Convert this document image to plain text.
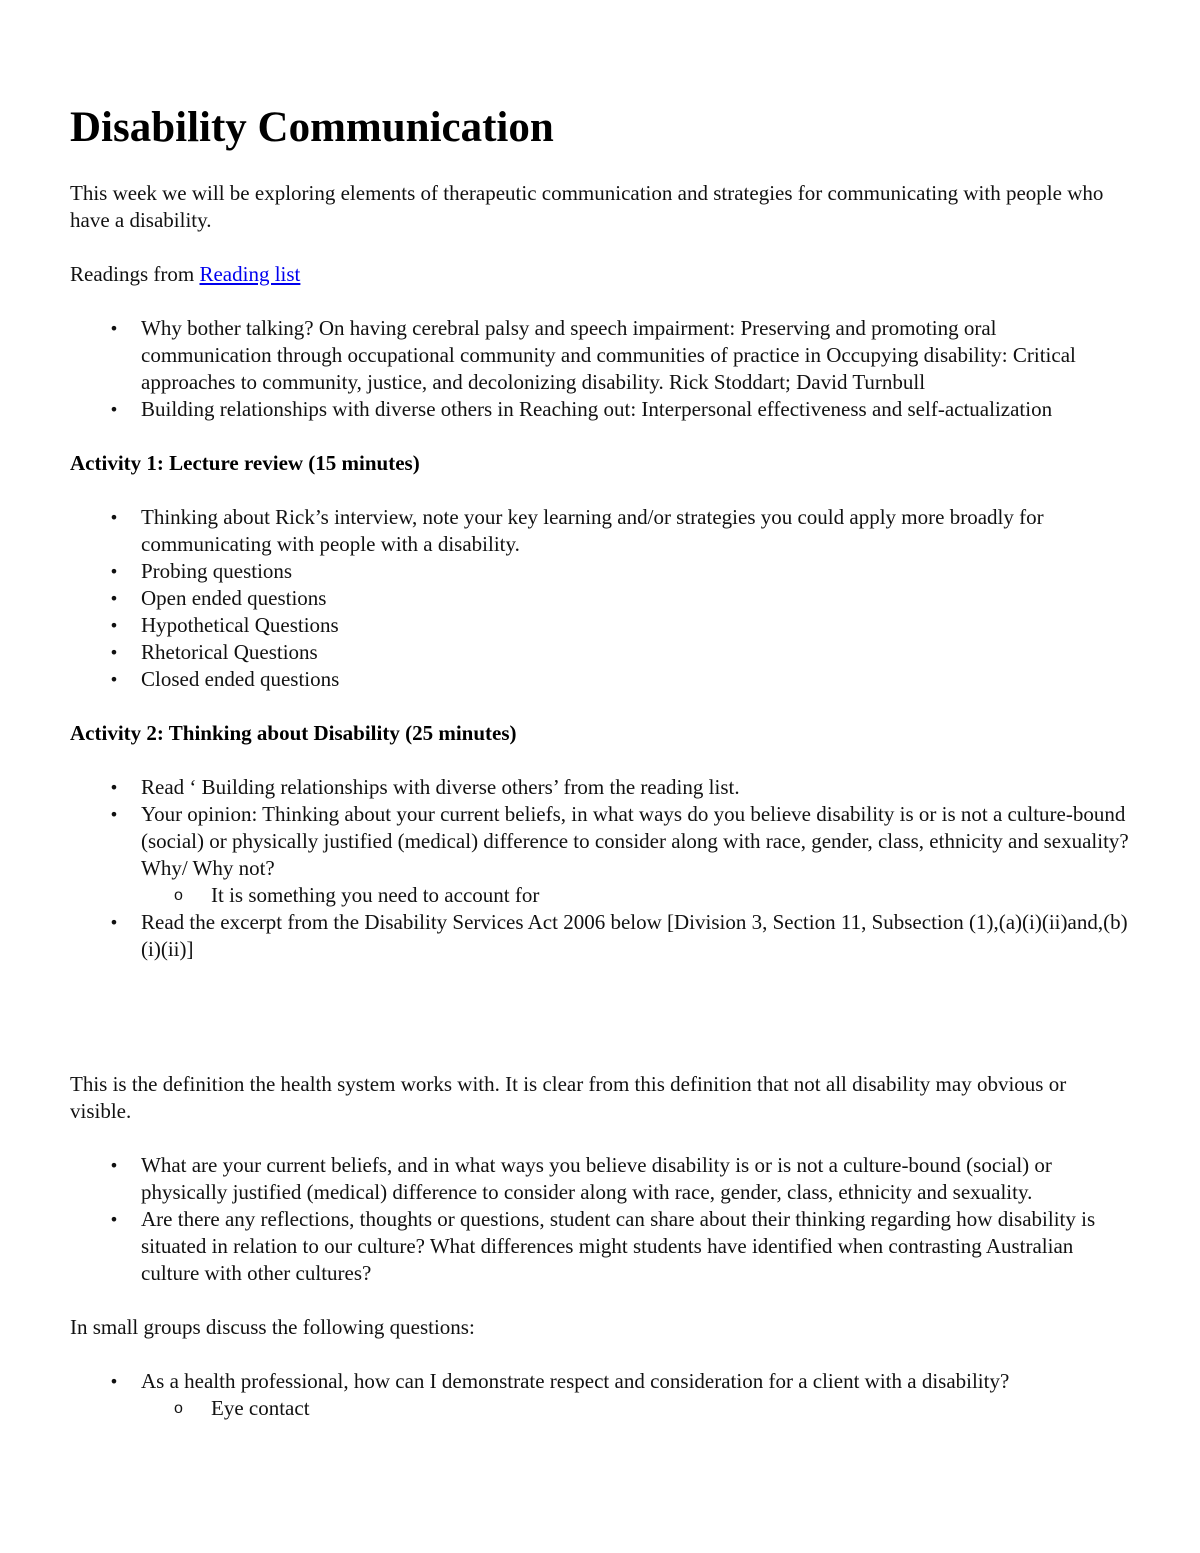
Disability Communication

This week we will be exploring elements of therapeutic communication and strategies for communicating with people who have a disability.

Readings from Reading list

• Why bother talking? On having cerebral palsy and speech impairment: Preserving and promoting oral communication through occupational community and communities of practice in Occupying disability: Critical approaches to community, justice, and decolonizing disability. Rick Stoddart; David Turnbull
• Building relationships with diverse others in Reaching out: Interpersonal effectiveness and self-actualization

Activity 1: Lecture review (15 minutes)

• Thinking about Rick’s interview, note your key learning and/or strategies you could apply more broadly for communicating with people with a disability.
• Probing questions
• Open ended questions
• Hypothetical Questions
• Rhetorical Questions
• Closed ended questions

Activity 2: Thinking about Disability (25 minutes)

• Read ‘ Building relationships with diverse others’ from the reading list.
• Your opinion: Thinking about your current beliefs, in what ways do you believe disability is or is not a culture-bound (social) or physically justified (medical) difference to consider along with race, gender, class, ethnicity and sexuality? Why/ Why not?
o It is something you need to account for
• Read the excerpt from the Disability Services Act 2006 below [Division 3, Section 11, Subsection (1),(a)(i)(ii)and,(b)(i)(ii)]

This is the definition the health system works with. It is clear from this definition that not all disability may obvious or visible.

• What are your current beliefs, and in what ways you believe disability is or is not a culture-bound (social) or physically justified (medical) difference to consider along with race, gender, class, ethnicity and sexuality.
• Are there any reflections, thoughts or questions, student can share about their thinking regarding how disability is situated in relation to our culture? What differences might students have identified when contrasting Australian culture with other cultures?

In small groups discuss the following questions:

• As a health professional, how can I demonstrate respect and consideration for a client with a disability?
o Eye contact
